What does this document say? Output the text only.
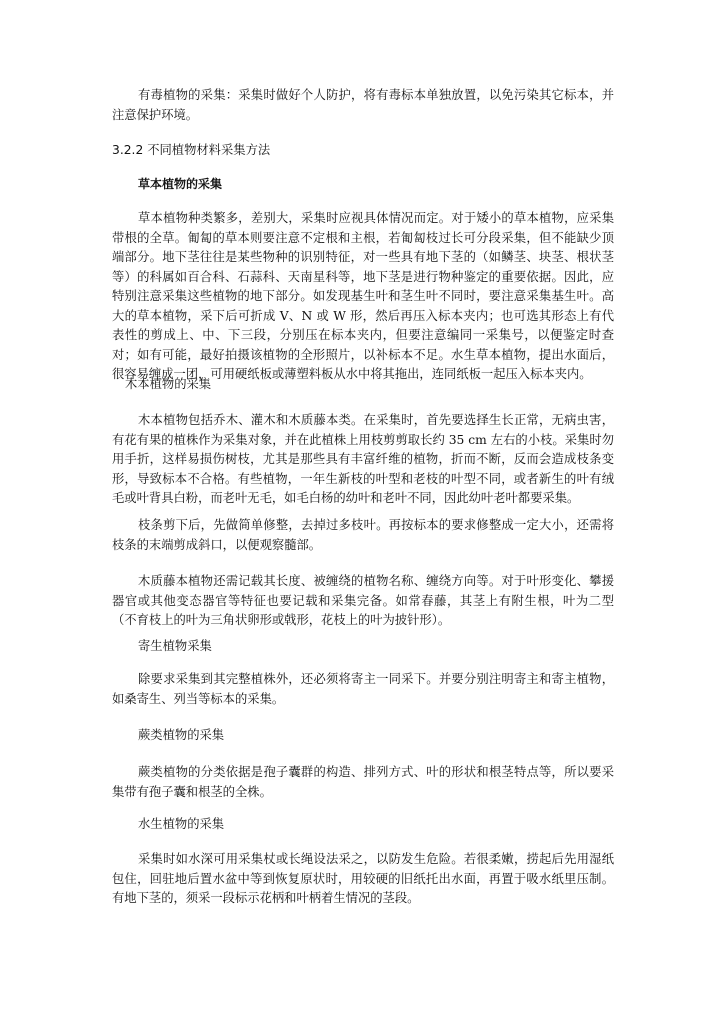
有毒植物的采集：采集时做好个人防护，将有毒标本单独放置，以免污染其它标本，并注意保护环境。

3.2.2 不同植物材料采集方法
草本植物的采集

草本植物种类繁多，差别大，采集时应视具体情况而定。对于矮小的草本植物，应采集带根的全草。匍匐的草本则要注意不定根和主根，若匍匐枝过长可分段采集，但不能缺少顶端部分。地下茎往往是某些物种的识别特征，对一些具有地下茎的（如鳞茎、块茎、根状茎等）的科属如百合科、石蒜科、天南星科等，地下茎是进行物种鉴定的重要依据。因此，应特别注意采集这些植物的地下部分。如发现基生叶和茎生叶不同时，要注意采集基生叶。高大的草本植物，采下后可折成 V、N 或 W 形，然后再压入标本夹内；也可选其形态上有代表性的剪成上、中、下三段，分别压在标本夹内，但要注意编同一采集号，以便鉴定时查对；如有可能，最好拍摄该植物的全形照片，以补标本不足。水生草本植物，提出水面后，很容易缠成一团，可用硬纸板或薄塑料板从水中将其拖出，连同纸板一起压入标本夹内。

木本植物的采集

木本植物包括乔木、灌木和木质藤本类。在采集时，首先要选择生长正常，无病虫害，有花有果的植株作为采集对象，并在此植株上用枝剪剪取长约 35 cm 左右的小枝。采集时勿用手折，这样易损伤树枝，尤其是那些具有丰富纤维的植物，折而不断，反而会造成枝条变形，导致标本不合格。有些植物，一年生新枝的叶型和老枝的叶型不同，或者新生的叶有绒毛或叶背具白粉，而老叶无毛，如毛白杨的幼叶和老叶不同，因此幼叶老叶都要采集。

枝条剪下后，先做简单修整，去掉过多枝叶。再按标本的要求修整成一定大小，还需将枝条的末端剪成斜口，以便观察髓部。

木质藤本植物还需记载其长度、被缠绕的植物名称、缠绕方向等。对于叶形变化、攀援器官或其他变态器官等特征也要记载和采集完备。如常春藤，其茎上有附生根，叶为二型（不育枝上的叶为三角状卵形或戟形，花枝上的叶为披针形）。

寄生植物采集

除要求采集到其完整植株外，还必须将寄主一同采下。并要分别注明寄主和寄主植物，如桑寄生、列当等标本的采集。

蕨类植物的采集

蕨类植物的分类依据是孢子囊群的构造、排列方式、叶的形状和根茎特点等，所以要采集带有孢子囊和根茎的全株。

水生植物的采集

采集时如水深可用采集杖或长绳设法采之，以防发生危险。若很柔嫩，捞起后先用湿纸包住，回驻地后置水盆中等到恢复原状时，用较硬的旧纸托出水面，再置于吸水纸里压制。有地下茎的，须采一段标示花柄和叶柄着生情况的茎段。
